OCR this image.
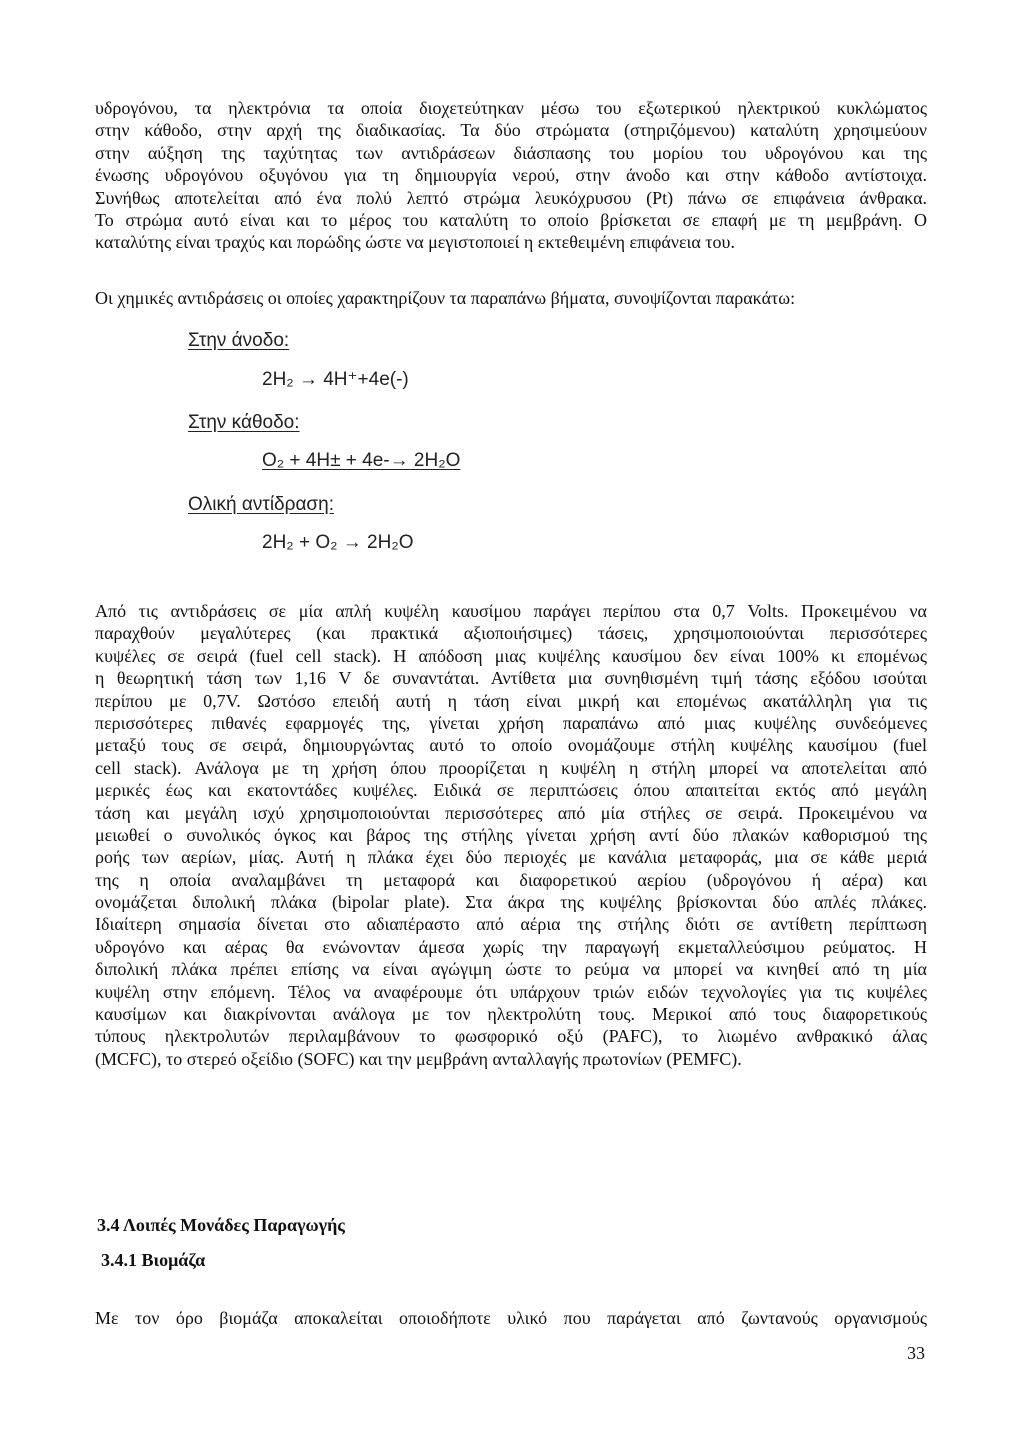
υδρογόνου, τα ηλεκτρόνια τα οποία διοχετεύτηκαν μέσω του εξωτερικού ηλεκτρικού κυκλώματος
στην κάθοδο, στην αρχή της διαδικασίας. Τα δύο στρώματα (στηριζόμενου) καταλύτη χρησιμεύουν
στην αύξηση της ταχύτητας των αντιδράσεων διάσπασης του μορίου του υδρογόνου και της
ένωσης υδρογόνου οξυγόνου για τη δημιουργία νερού, στην άνοδο και στην κάθοδο αντίστοιχα.
Συνήθως αποτελείται από ένα πολύ λεπτό στρώμα λευκόχρυσου (Pt) πάνω σε επιφάνεια άνθρακα.
Το στρώμα αυτό είναι και το μέρος του καταλύτη το οποίο βρίσκεται σε επαφή με τη μεμβράνη. Ο
καταλύτης είναι τραχύς και πορώδης ώστε να μεγιστοποιεί η εκτεθειμένη επιφάνεια του.
Οι χημικές αντιδράσεις οι οποίες χαρακτηρίζουν τα παραπάνω βήματα, συνοψίζονται παρακάτω:
Στην άνοδο:
2H₂ → 4H⁺+4e(-)
Στην κάθοδο:
O₂ + 4H± + 4e-→ 2H₂O
Ολική αντίδραση:
2H₂ + O₂ → 2H₂O
Από τις αντιδράσεις σε μία απλή κυψέλη καυσίμου παράγει περίπου στα 0,7 Volts. Προκειμένου να
παραχθούν μεγαλύτερες (και πρακτικά αξιοποιήσιμες) τάσεις, χρησιμοποιούνται περισσότερες
κυψέλες σε σειρά (fuel cell stack). Η απόδοση μιας κυψέλης καυσίμου δεν είναι 100% κι επομένως
η θεωρητική τάση των 1,16 V δε συναντάται. Αντίθετα μια συνηθισμένη τιμή τάσης εξόδου ισούται
περίπου με 0,7V. Ωστόσο επειδή αυτή η τάση είναι μικρή και επομένως ακατάλληλη για τις
περισσότερες πιθανές εφαρμογές της, γίνεται χρήση παραπάνω από μιας κυψέλης συνδεόμενες
μεταξύ τους σε σειρά, δημιουργώντας αυτό το οποίο ονομάζουμε στήλη κυψέλης καυσίμου (fuel
cell stack). Ανάλογα με τη χρήση όπου προορίζεται η κυψέλη η στήλη μπορεί να αποτελείται από
μερικές έως και εκατοντάδες κυψέλες. Ειδικά σε περιπτώσεις όπου απαιτείται εκτός από μεγάλη
τάση και μεγάλη ισχύ χρησιμοποιούνται περισσότερες από μία στήλες σε σειρά. Προκειμένου να
μειωθεί ο συνολικός όγκος και βάρος της στήλης γίνεται χρήση αντί δύο πλακών καθορισμού της
ροής των αερίων, μίας. Αυτή η πλάκα έχει δύο περιοχές με κανάλια μεταφοράς, μια σε κάθε μεριά
της η οποία αναλαμβάνει τη μεταφορά και διαφορετικού αερίου (υδρογόνου ή αέρα) και
ονομάζεται διπολική πλάκα (bipolar plate). Στα άκρα της κυψέλης βρίσκονται δύο απλές πλάκες.
Ιδιαίτερη σημασία δίνεται στο αδιαπέραστο από αέρια της στήλης διότι σε αντίθετη περίπτωση
υδρογόνο και αέρας θα ενώνονταν άμεσα χωρίς την παραγωγή εκμεταλλεύσιμου ρεύματος. Η
διπολική πλάκα πρέπει επίσης να είναι αγώγιμη ώστε το ρεύμα να μπορεί να κινηθεί από τη μία
κυψέλη στην επόμενη. Τέλος να αναφέρουμε ότι υπάρχουν τριών ειδών τεχνολογίες για τις κυψέλες
καυσίμων και διακρίνονται ανάλογα με τον ηλεκτρολύτη τους. Μερικοί από τους διαφορετικούς
τύπους ηλεκτρολυτών περιλαμβάνουν το φωσφορικό οξύ (PAFC), το λιωμένο ανθρακικό άλας
(MCFC), το στερεό οξείδιο (SOFC) και την μεμβράνη ανταλλαγής πρωτονίων (PEMFC).
3.4 Λοιπές Μονάδες Παραγωγής
3.4.1 Βιομάζα
Με τον όρο βιομάζα αποκαλείται οποιοδήποτε υλικό που παράγεται από ζωντανούς οργανισμούς
33
